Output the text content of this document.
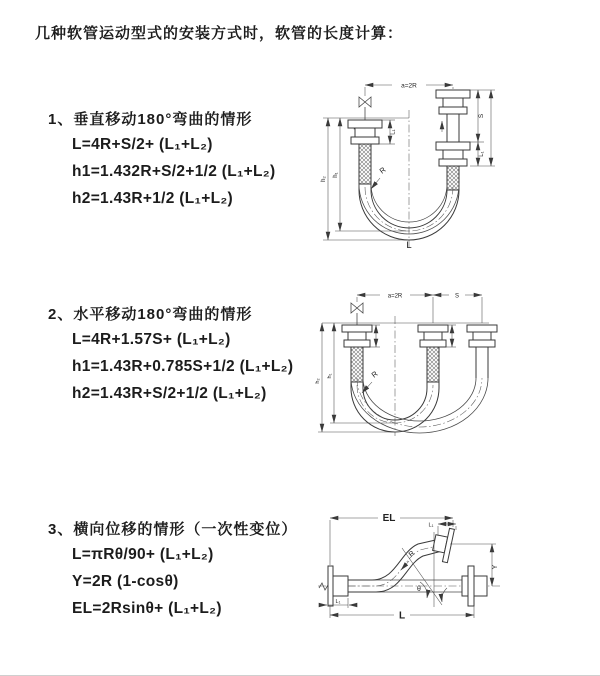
几种软管运动型式的安装方式时，软管的长度计算：
1、垂直移动180°弯曲的情形
L=4R+S/2+ (L₁+L₂)
h1=1.432R+S/2+1/2 (L₁+L₂)
h2=1.43R+1/2 (L₁+L₂)
2、水平移动180°弯曲的情形
L=4R+1.57S+ (L₁+L₂)
h1=1.43R+0.785S+1/2 (L₁+L₂)
h2=1.43R+S/2+1/2 (L₁+L₂)
3、横向位移的情形（一次性变位）
L=πRθ/90+ (L₁+L₂)
Y=2R (1-cosθ)
EL=2Rsinθ+ (L₁+L₂)
a=2R
h₂
h₁
L₁
S
L₁
R
L
a=2R	S
h₂
h₁	R
EL
L₁
Y
θ
R
L₁
L
